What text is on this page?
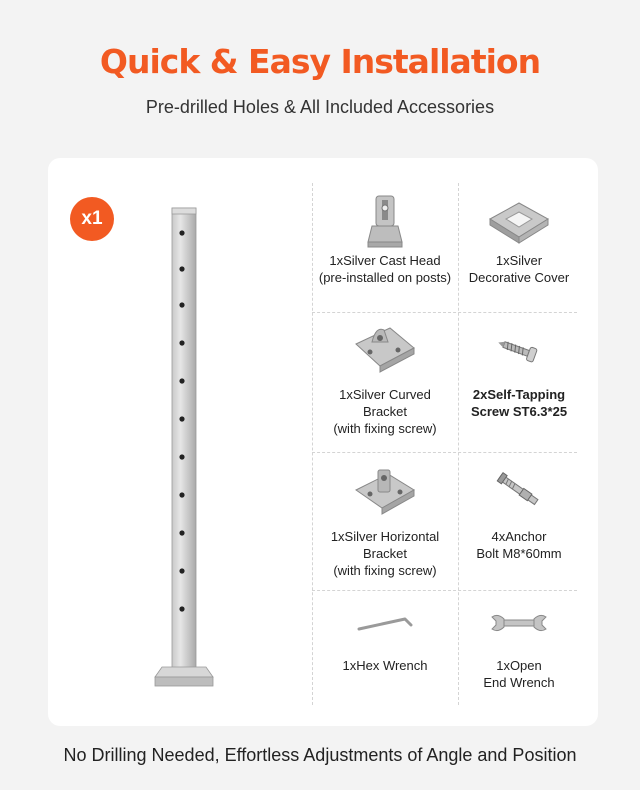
Quick & Easy Installation
Pre-drilled Holes & All Included Accessories
x1
1xSilver Cast Head
(pre-installed on posts)
1xSilver
Decorative Cover
1xSilver Curved
Bracket
(with fixing screw)
2xSelf-Tapping
Screw ST6.3*25
1xSilver Horizontal
Bracket
(with fixing screw)
4xAnchor
Bolt M8*60mm
1xHex Wrench	1xOpen
End Wrench
No Drilling Needed, Effortless Adjustments of Angle and Position
